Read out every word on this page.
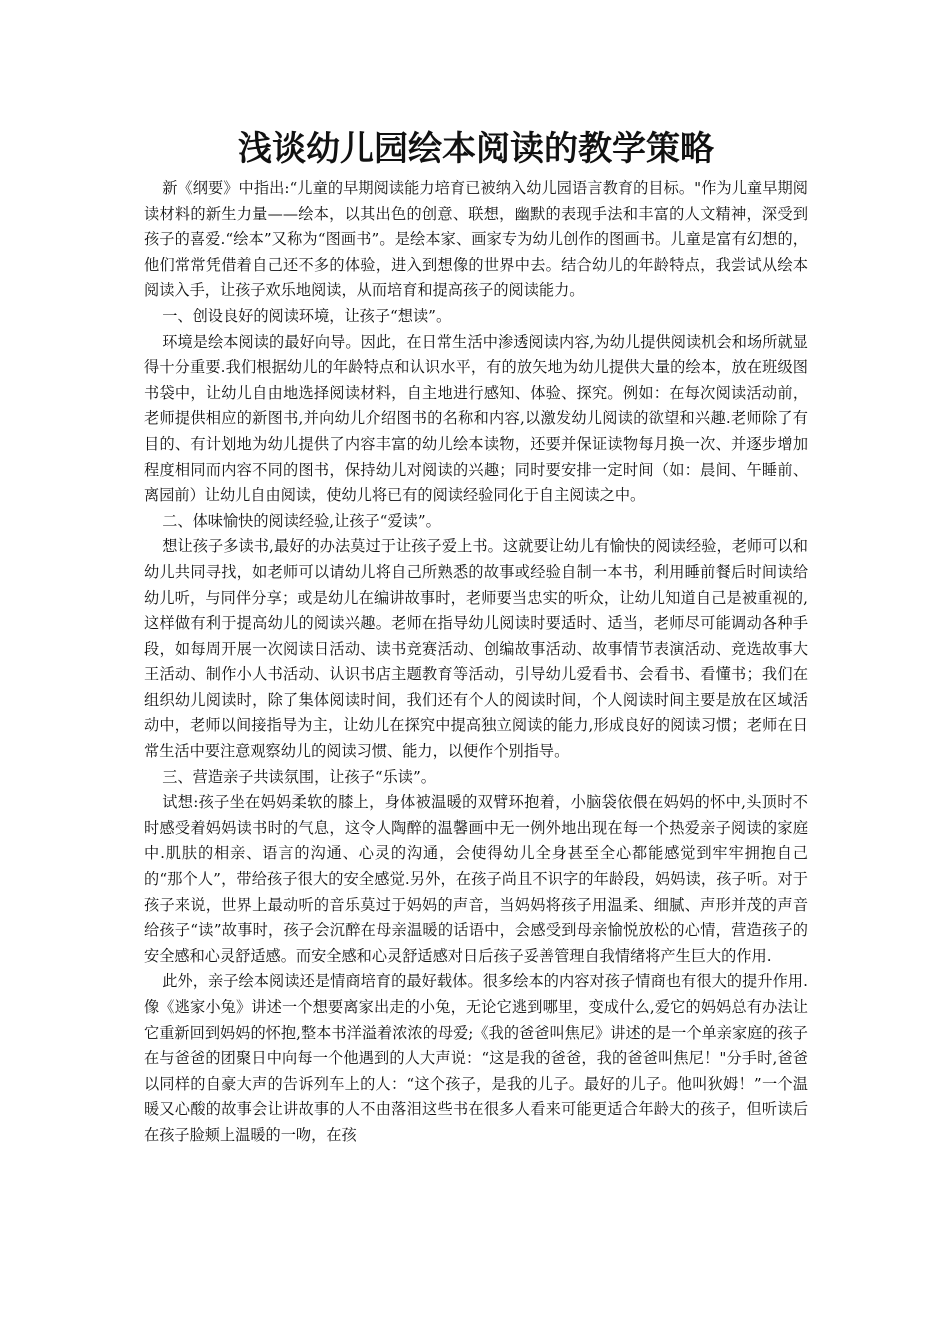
浅谈幼儿园绘本阅读的教学策略

新《纲要》中指出:“儿童的早期阅读能力培育已被纳入幼儿园语言教育的目标。"作为儿童早期阅读材料的新生力量——绘本，以其出色的创意、联想，幽默的表现手法和丰富的人文精神，深受到孩子的喜爱.“绘本”又称为“图画书”。是绘本家、画家专为幼儿创作的图画书。儿童是富有幻想的，他们常常凭借着自己还不多的体验，进入到想像的世界中去。结合幼儿的年龄特点，我尝试从绘本阅读入手，让孩子欢乐地阅读，从而培育和提高孩子的阅读能力。

一、创设良好的阅读环境，让孩子“想读”。

环境是绘本阅读的最好向导。因此，在日常生活中渗透阅读内容,为幼儿提供阅读机会和场所就显得十分重要.我们根据幼儿的年龄特点和认识水平，有的放矢地为幼儿提供大量的绘本，放在班级图书袋中，让幼儿自由地选择阅读材料，自主地进行感知、体验、探究。例如：在每次阅读活动前，老师提供相应的新图书,并向幼儿介绍图书的名称和内容,以激发幼儿阅读的欲望和兴趣.老师除了有目的、有计划地为幼儿提供了内容丰富的幼儿绘本读物，还要并保证读物每月换一次、并逐步增加程度相同而内容不同的图书，保持幼儿对阅读的兴趣；同时要安排一定时间（如：晨间、午睡前、离园前）让幼儿自由阅读，使幼儿将已有的阅读经验同化于自主阅读之中。

二、体味愉快的阅读经验,让孩子“爱读”。

想让孩子多读书,最好的办法莫过于让孩子爱上书。这就要让幼儿有愉快的阅读经验，老师可以和幼儿共同寻找，如老师可以请幼儿将自己所熟悉的故事或经验自制一本书，利用睡前餐后时间读给幼儿听，与同伴分享；或是幼儿在编讲故事时，老师要当忠实的听众，让幼儿知道自己是被重视的,这样做有利于提高幼儿的阅读兴趣。老师在指导幼儿阅读时要适时、适当，老师尽可能调动各种手段，如每周开展一次阅读日活动、读书竞赛活动、创编故事活动、故事情节表演活动、竞选故事大王活动、制作小人书活动、认识书店主题教育等活动，引导幼儿爱看书、会看书、看懂书；我们在组织幼儿阅读时，除了集体阅读时间，我们还有个人的阅读时间，个人阅读时间主要是放在区域活动中，老师以间接指导为主，让幼儿在探究中提高独立阅读的能力,形成良好的阅读习惯；老师在日常生活中要注意观察幼儿的阅读习惯、能力，以便作个别指导。

三、营造亲子共读氛围，让孩子“乐读”。

试想:孩子坐在妈妈柔软的膝上，身体被温暖的双臂环抱着，小脑袋依偎在妈妈的怀中,头顶时不时感受着妈妈读书时的气息，这令人陶醉的温馨画中无一例外地出现在每一个热爱亲子阅读的家庭中.肌肤的相亲、语言的沟通、心灵的沟通，会使得幼儿全身甚至全心都能感觉到牢牢拥抱自己的“那个人”，带给孩子很大的安全感觉.另外，在孩子尚且不识字的年龄段，妈妈读，孩子听。对于孩子来说，世界上最动听的音乐莫过于妈妈的声音，当妈妈将孩子用温柔、细腻、声形并茂的声音给孩子“读”故事时，孩子会沉醉在母亲温暖的话语中，会感受到母亲愉悦放松的心情，营造孩子的安全感和心灵舒适感。而安全感和心灵舒适感对日后孩子妥善管理自我情绪将产生巨大的作用.

此外，亲子绘本阅读还是情商培育的最好载体。很多绘本的内容对孩子情商也有很大的提升作用.像《逃家小兔》讲述一个想要离家出走的小兔，无论它逃到哪里，变成什么,爱它的妈妈总有办法让它重新回到妈妈的怀抱,整本书洋溢着浓浓的母爱;《我的爸爸叫焦尼》讲述的是一个单亲家庭的孩子在与爸爸的团聚日中向每一个他遇到的人大声说：“这是我的爸爸，我的爸爸叫焦尼！"分手时,爸爸以同样的自豪大声的告诉列车上的人：“这个孩子，是我的儿子。最好的儿子。他叫狄姆！”一个温暖又心酸的故事会让讲故事的人不由落泪这些书在很多人看来可能更适合年龄大的孩子，但听读后在孩子脸颊上温暖的一吻，在孩
